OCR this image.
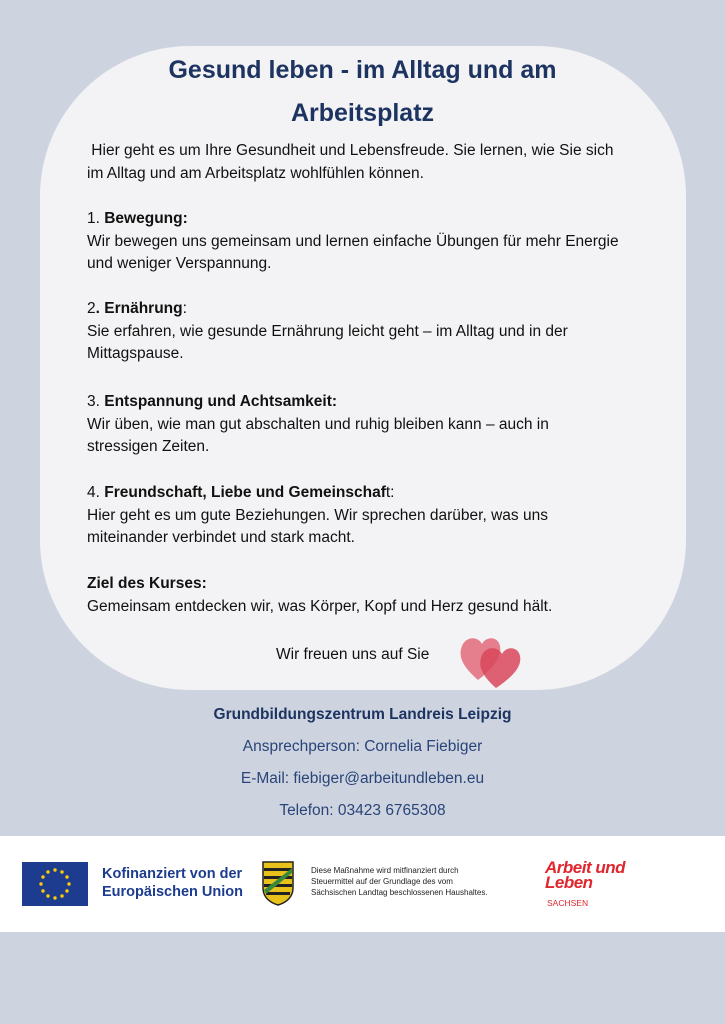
Gesund leben - im Alltag und am
Arbeitsplatz

Hier geht es um Ihre Gesundheit und Lebensfreude. Sie lernen, wie Sie sich

im Alltag und am Arbeitsplatz wohlfühlen können.

1. Bewegung:

Wir bewegen uns gemeinsam und lernen einfache Übungen für mehr Energie

und weniger Verspannung.

2. Ernährung:

Sie erfahren, wie gesunde Ernährung leicht geht – im Alltag und in der

Mittagspause.

3. Entspannung und Achtsamkeit:

Wir üben, wie man gut abschalten und ruhig bleiben kann – auch in

stressigen Zeiten.

4. Freundschaft, Liebe und Gemeinschaft:

Hier geht es um gute Beziehungen. Wir sprechen darüber, was uns

miteinander verbindet und stark macht.

Ziel des Kurses:

Gemeinsam entdecken wir, was Körper, Kopf und Herz gesund hält.

Wir freuen uns auf Sie
Grundbildungszentrum Landreis Leipzig
Ansprechperson: Cornelia Fiebiger
E-Mail: fiebiger@arbeitundleben.eu
Telefon: 03423 6765308
Kofinanziert von der
Europäischen Union
Diese Maßnahme wird mitfinanziert durch
Steuermittel auf der Grundlage des vom
Sächsischen Landtag beschlossenen Haushaltes.
Arbeit und
Leben
SACHSEN
